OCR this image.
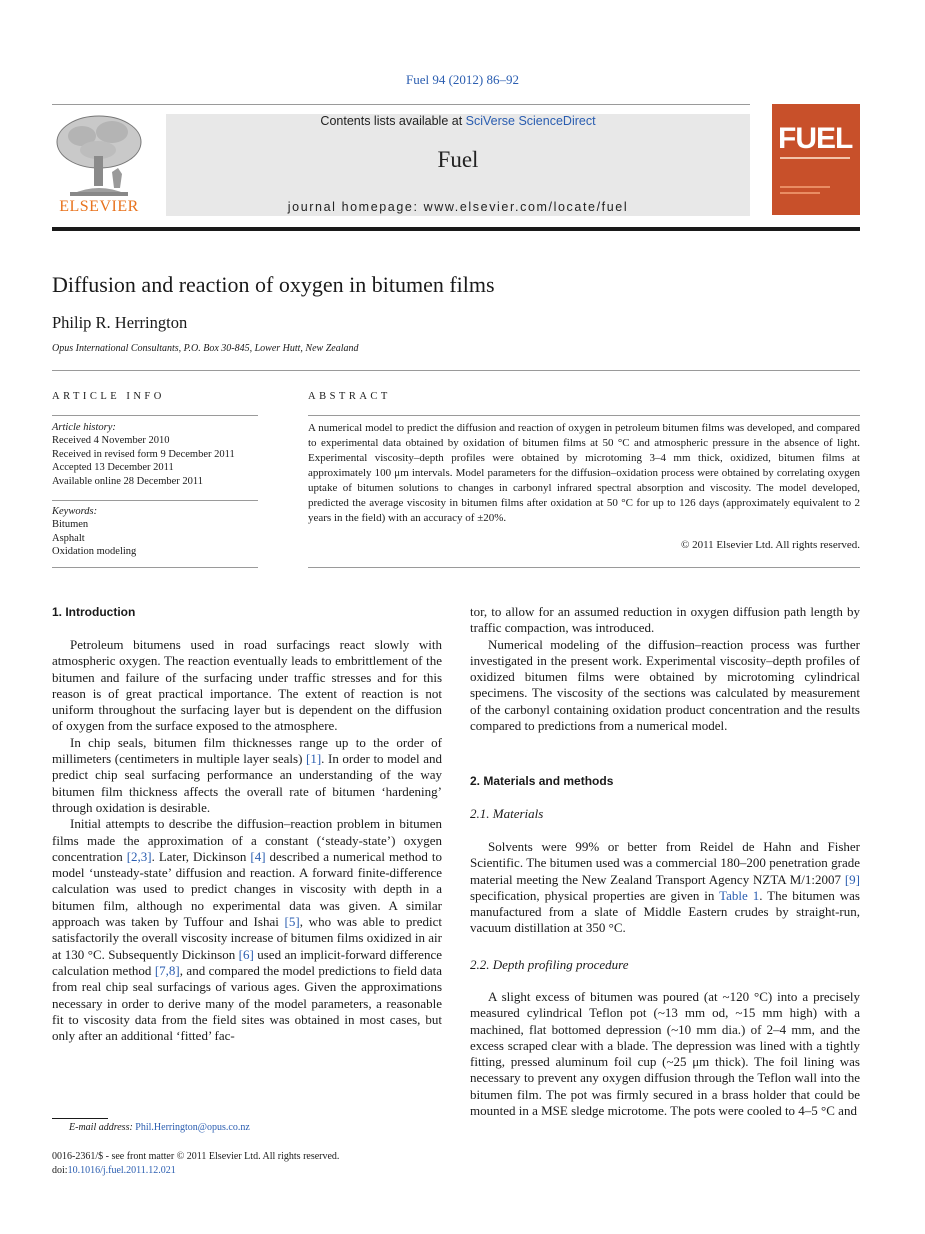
Fuel 94 (2012) 86–92
ELSEVIER
Contents lists available at SciVerse ScienceDirect
Fuel
journal homepage: www.elsevier.com/locate/fuel
FUEL
Diffusion and reaction of oxygen in bitumen films
Philip R. Herrington
Opus International Consultants, P.O. Box 30-845, Lower Hutt, New Zealand
ARTICLE INFO
Article history:
Received 4 November 2010
Received in revised form 9 December 2011
Accepted 13 December 2011
Available online 28 December 2011
Keywords:
Bitumen
Asphalt
Oxidation modeling
ABSTRACT
A numerical model to predict the diffusion and reaction of oxygen in petroleum bitumen films was developed, and compared to experimental data obtained by oxidation of bitumen films at 50 °C and atmospheric pressure in the absence of light. Experimental viscosity–depth profiles were obtained by microtoming 3–4 mm thick, oxidized, bitumen films at approximately 100 μm intervals. Model parameters for the diffusion–oxidation process were obtained by correlating oxygen uptake of bitumen solutions to changes in carbonyl infrared spectral absorption and viscosity. The model developed, predicted the average viscosity in bitumen films after oxidation at 50 °C for up to 126 days (approximately equivalent to 2 years in the field) with an accuracy of ±20%.
© 2011 Elsevier Ltd. All rights reserved.
1. Introduction

Petroleum bitumens used in road surfacings react slowly with atmospheric oxygen. The reaction eventually leads to embrittlement of the bitumen and failure of the surfacing under traffic stresses and for this reason is of great practical importance. The extent of reaction is not uniform throughout the surfacing layer but is dependent on the diffusion of oxygen from the surface exposed to the atmosphere.

In chip seals, bitumen film thicknesses range up to the order of millimeters (centimeters in multiple layer seals) [1]. In order to model and predict chip seal surfacing performance an understanding of the way bitumen film thickness affects the overall rate of bitumen ‘hardening’ through oxidation is desirable.

Initial attempts to describe the diffusion–reaction problem in bitumen films made the approximation of a constant (‘steady-state’) oxygen concentration [2,3]. Later, Dickinson [4] described a numerical method to model ‘unsteady-state’ diffusion and reaction. A forward finite-difference calculation was used to predict changes in viscosity with depth in a bitumen film, although no experimental data was given. A similar approach was taken by Tuffour and Ishai [5], who was able to predict satisfactorily the overall viscosity increase of bitumen films oxidized in air at 130 °C. Subsequently Dickinson [6] used an implicit-forward difference calculation method [7,8], and compared the model predictions to field data from real chip seal surfacings of various ages. Given the approximations necessary in order to derive many of the model parameters, a reasonable fit to viscosity data from the field sites was obtained in most cases, but only after an additional ‘fitted’ fac-

tor, to allow for an assumed reduction in oxygen diffusion path length by traffic compaction, was introduced.

Numerical modeling of the diffusion–reaction process was further investigated in the present work. Experimental viscosity–depth profiles of oxidized bitumen films were obtained by microtoming cylindrical specimens. The viscosity of the sections was calculated by measurement of the carbonyl containing oxidation product concentration and the results compared to predictions from a numerical model.

2. Materials and methods
2.1. Materials

Solvents were 99% or better from Reidel de Hahn and Fisher Scientific. The bitumen used was a commercial 180–200 penetration grade material meeting the New Zealand Transport Agency NZTA M/1:2007 [9] specification, physical properties are given in Table 1. The bitumen was manufactured from a slate of Middle Eastern crudes by straight-run, vacuum distillation at 350 °C.

2.2. Depth profiling procedure

A slight excess of bitumen was poured (at ~120 °C) into a precisely measured cylindrical Teflon pot (~13 mm od, ~15 mm high) with a machined, flat bottomed depression (~10 mm dia.) of 2–4 mm, and the excess scraped clear with a blade. The depression was lined with a tightly fitting, pressed aluminum foil cup (~25 μm thick). The foil lining was necessary to prevent any oxygen diffusion through the Teflon wall into the bitumen film. The pot was firmly secured in a brass holder that could be mounted in a MSE sledge microtome. The pots were cooled to 4–5 °C and

E-mail address: Phil.Herrington@opus.co.nz
0016-2361/$ - see front matter © 2011 Elsevier Ltd. All rights reserved.
doi:10.1016/j.fuel.2011.12.021
